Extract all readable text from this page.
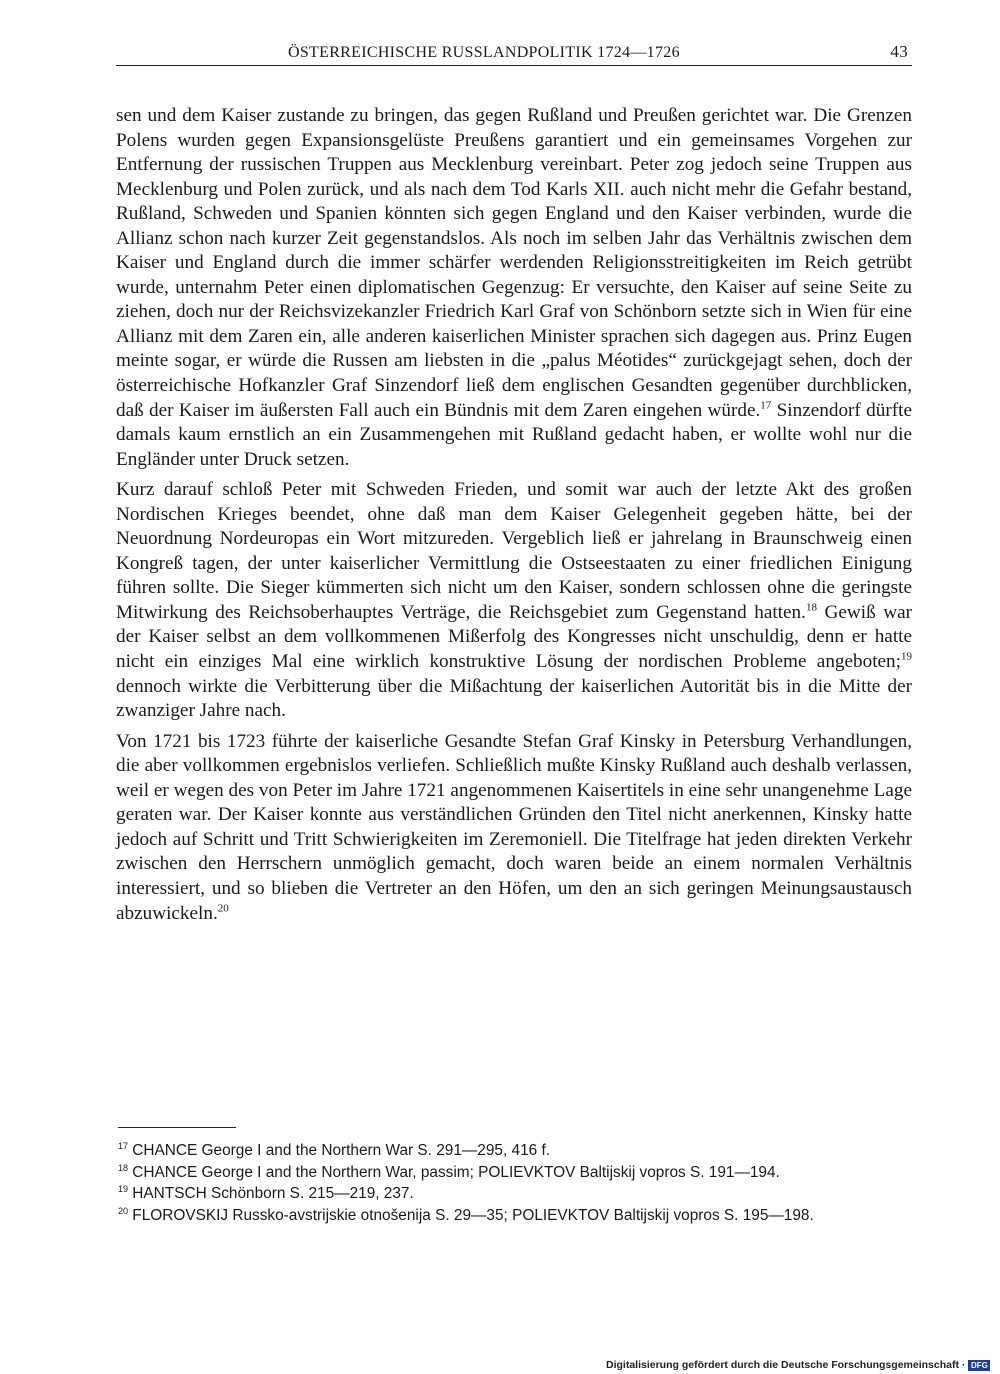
ÖSTERREICHISCHE RUSSLANDPOLITIK 1724—1726	43

sen und dem Kaiser zustande zu bringen, das gegen Rußland und Preußen gerichtet war. Die Grenzen Polens wurden gegen Expansionsgelüste Preußens garantiert und ein gemeinsames Vorgehen zur Entfernung der russischen Truppen aus Mecklenburg vereinbart. Peter zog jedoch seine Truppen aus Mecklenburg und Polen zurück, und als nach dem Tod Karls XII. auch nicht mehr die Gefahr bestand, Rußland, Schweden und Spanien könnten sich gegen England und den Kaiser verbinden, wurde die Allianz schon nach kurzer Zeit gegenstandslos. Als noch im selben Jahr das Verhältnis zwischen dem Kaiser und England durch die immer schärfer werdenden Religionsstreitigkeiten im Reich getrübt wurde, unternahm Peter einen diplomatischen Gegenzug: Er versuchte, den Kaiser auf seine Seite zu ziehen, doch nur der Reichsvizekanzler Friedrich Karl Graf von Schönborn setzte sich in Wien für eine Allianz mit dem Zaren ein, alle anderen kaiserlichen Minister sprachen sich dagegen aus. Prinz Eugen meinte sogar, er würde die Russen am liebsten in die „palus Méotides“ zurückgejagt sehen, doch der österreichische Hofkanzler Graf Sinzendorf ließ dem englischen Gesandten gegenüber durchblicken, daß der Kaiser im äußersten Fall auch ein Bündnis mit dem Zaren eingehen würde.$^{17}$ Sinzendorf dürfte damals kaum ernstlich an ein Zusammengehen mit Rußland gedacht haben, er wollte wohl nur die Engländer unter Druck setzen.

Kurz darauf schloß Peter mit Schweden Frieden, und somit war auch der letzte Akt des großen Nordischen Krieges beendet, ohne daß man dem Kaiser Gelegenheit gegeben hätte, bei der Neuordnung Nordeuropas ein Wort mitzureden. Vergeblich ließ er jahrelang in Braunschweig einen Kongreß tagen, der unter kaiserlicher Vermittlung die Ostseestaaten zu einer friedlichen Einigung führen sollte. Die Sieger kümmerten sich nicht um den Kaiser, sondern schlossen ohne die geringste Mitwirkung des Reichsoberhauptes Verträge, die Reichsgebiet zum Gegenstand hatten.$^{18}$ Gewiß war der Kaiser selbst an dem vollkommenen Mißerfolg des Kongresses nicht unschuldig, denn er hatte nicht ein einziges Mal eine wirklich konstruktive Lösung der nordischen Probleme angeboten;$^{19}$ dennoch wirkte die Verbitterung über die Mißachtung der kaiserlichen Autorität bis in die Mitte der zwanziger Jahre nach.

Von 1721 bis 1723 führte der kaiserliche Gesandte Stefan Graf Kinsky in Petersburg Verhandlungen, die aber vollkommen ergebnislos verliefen. Schließlich mußte Kinsky Rußland auch deshalb verlassen, weil er wegen des von Peter im Jahre 1721 angenommenen Kaisertitels in eine sehr unangenehme Lage geraten war. Der Kaiser konnte aus verständlichen Gründen den Titel nicht anerkennen, Kinsky hatte jedoch auf Schritt und Tritt Schwierigkeiten im Zeremoniell. Die Titelfrage hat jeden direkten Verkehr zwischen den Herrschern unmöglich gemacht, doch waren beide an einem normalen Verhältnis interessiert, und so blieben die Vertreter an den Höfen, um den an sich geringen Meinungsaustausch abzuwickeln.$^{20}$

$^{17}$ CHANCE George I and the Northern War S. 291—295, 416 f.

$^{18}$ CHANCE George I and the Northern War, passim; POLIEVKTOV Baltijskij vopros S. 191—194.

$^{19}$ HANTSCH Schönborn S. 215—219, 237.

$^{20}$ FLOROVSKIJ Russko-avstrijskie otnošenija S. 29—35; POLIEVKTOV Baltijskij vopros S. 195—198.

Digitalisierung gefördert durch die Deutsche Forschungsgemeinschaft · DFG
